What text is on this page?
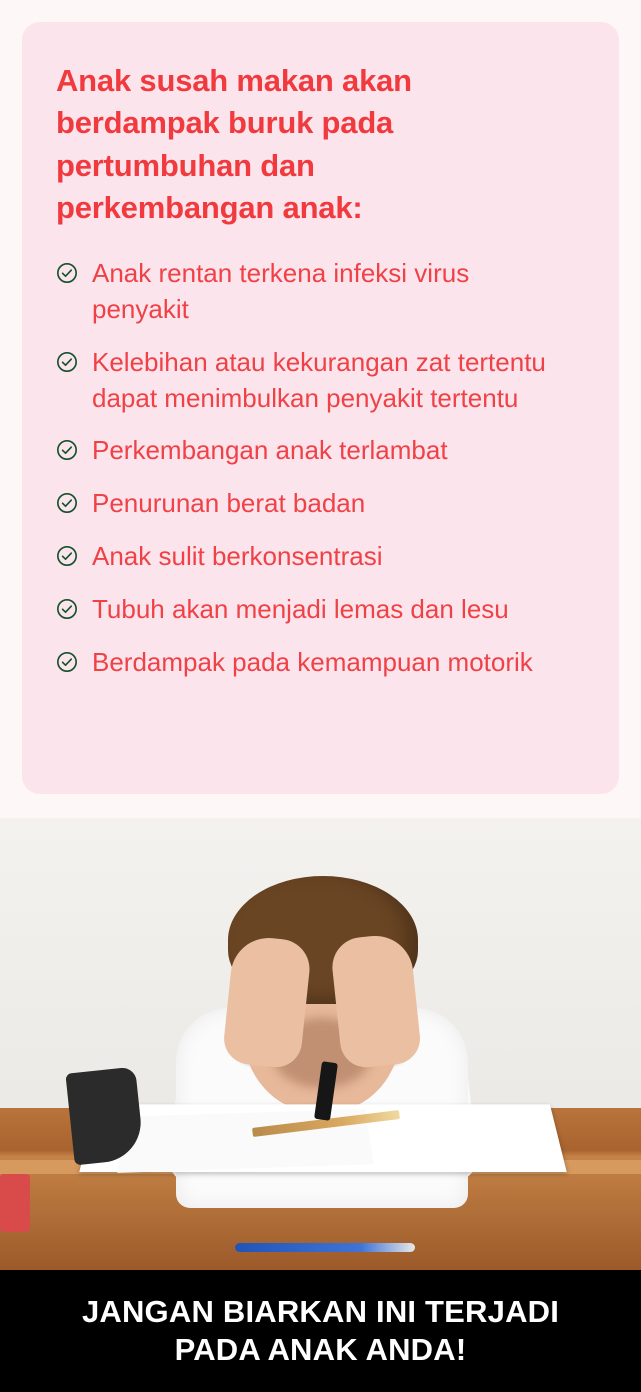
Anak susah makan akan berdampak buruk pada pertumbuhan dan perkembangan anak:
Anak rentan terkena infeksi virus penyakit
Kelebihan atau kekurangan zat tertentu dapat menimbulkan penyakit tertentu
Perkembangan anak terlambat
Penurunan berat badan
Anak sulit berkonsentrasi
Tubuh akan menjadi lemas dan lesu
Berdampak pada kemampuan motorik
JANGAN BIARKAN INI TERJADI
PADA ANAK ANDA!
